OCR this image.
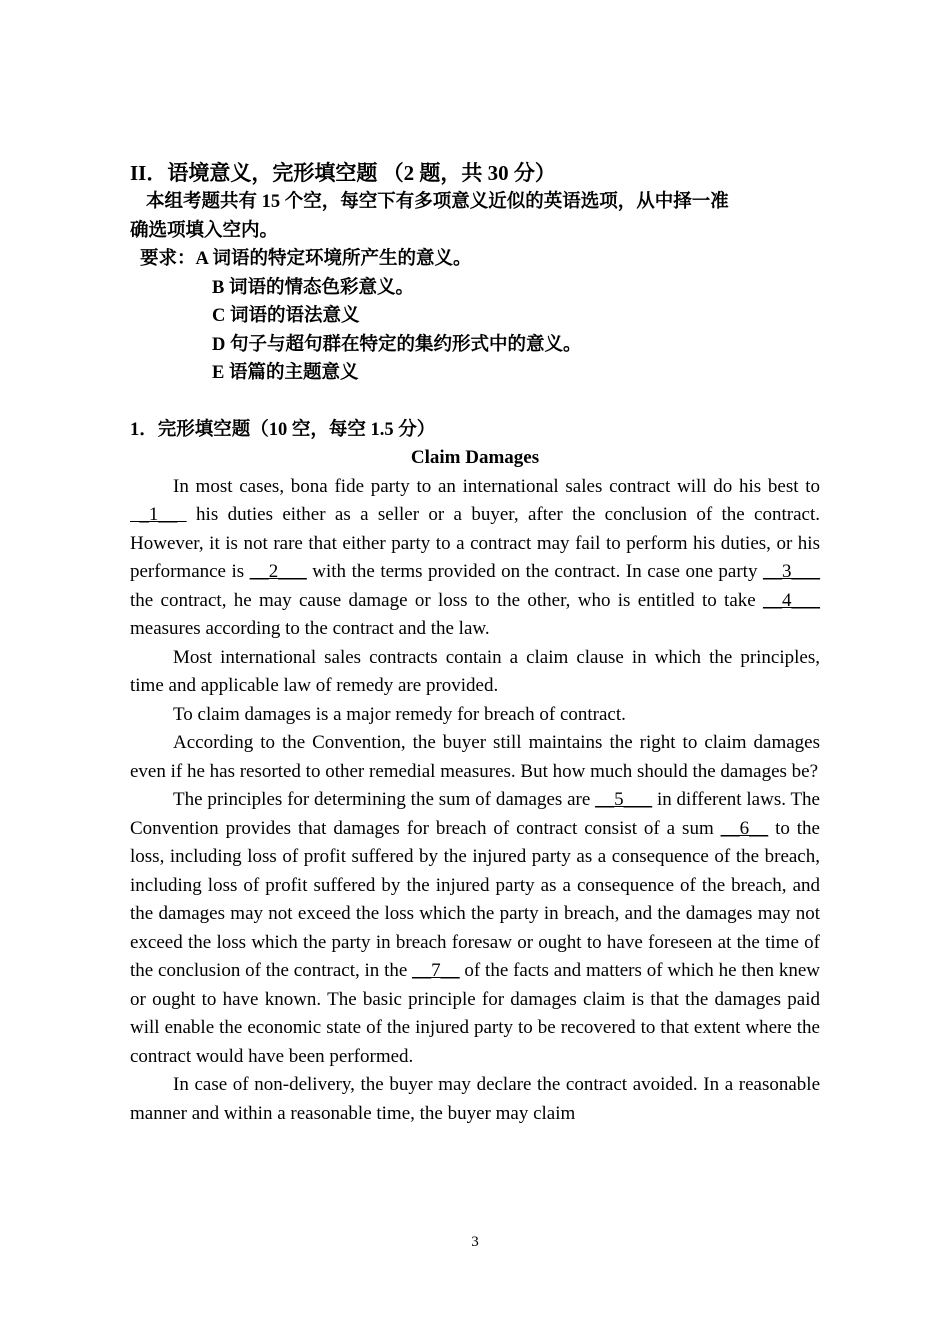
II．语境意义，完形填空题 （2 题，共 30 分）
本组考题共有 15 个空，每空下有多项意义近似的英语选项，从中择一准
确选项填入空内。
要求：A 词语的特定环境所产生的意义。
B 词语的情态色彩意义。
C 词语的语法意义
D 句子与超句群在特定的集约形式中的意义。
E 语篇的主题意义
1．完形填空题（10 空，每空 1.5 分）
Claim Damages

In most cases, bona fide party to an international sales contract will do his best to  _1__  his duties either as a seller or a buyer, after the conclusion of the contract. However, it is not rare that either party to a contract may fail to perform his duties, or his performance is __2___ with the terms provided on the contract. In case one party __3___ the contract, he may cause damage or loss to the other, who is entitled to take __4___ measures according to the contract and the law.

Most international sales contracts contain a claim clause in which the principles, time and applicable law of remedy are provided.

To claim damages is a major remedy for breach of contract.

According to the Convention, the buyer still maintains the right to claim damages even if he has resorted to other remedial measures. But how much should the damages be?

The principles for determining the sum of damages are __5___ in different laws. The Convention provides that damages for breach of contract consist of a sum __6__ to the loss, including loss of profit suffered by the injured party as a consequence of the breach, including loss of profit suffered by the injured party as a consequence of the breach, and the damages may not exceed the loss which the party in breach, and the damages may not exceed the loss which the party in breach foresaw or ought to have foreseen at the time of the conclusion of the contract, in the __7__ of the facts and matters of which he then knew or ought to have known. The basic principle for damages claim is that the damages paid will enable the economic state of the injured party to be recovered to that extent where the contract would have been performed.

In case of non-delivery, the buyer may declare the contract avoided. In a reasonable manner and within a reasonable time, the buyer may claim

3
